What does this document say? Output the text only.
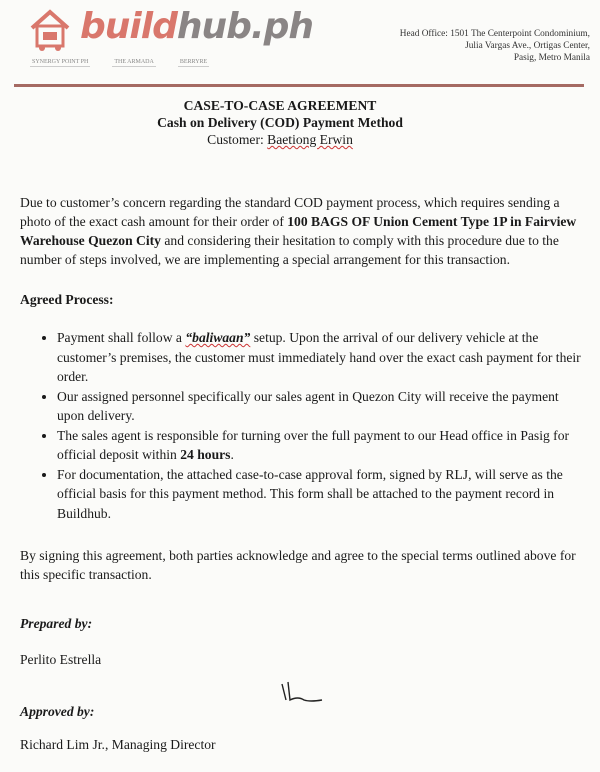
buildhub.ph
SYNERGY POINT PH	THE ARMADA	BERRYRE
Head Office: 1501 The Centerpoint Condominium,
Julia Vargas Ave., Ortigas Center,
Pasig, Metro Manila
CASE-TO-CASE AGREEMENT
Cash on Delivery (COD) Payment Method
Customer: Baetiong Erwin
Due to customer’s concern regarding the standard COD payment process, which requires sending a photo of the exact cash amount for their order of 100 BAGS OF Union Cement Type 1P in Fairview Warehouse Quezon City and considering their hesitation to comply with this procedure due to the number of steps involved, we are implementing a special arrangement for this transaction.
Agreed Process:
• Payment shall follow a “baliwaan” setup. Upon the arrival of our delivery vehicle at the customer’s premises, the customer must immediately hand over the exact cash payment for their order.
• Our assigned personnel specifically our sales agent in Quezon City will receive the payment upon delivery.
• The sales agent is responsible for turning over the full payment to our Head office in Pasig for official deposit within 24 hours.
• For documentation, the attached case-to-case approval form, signed by RLJ, will serve as the official basis for this payment method. This form shall be attached to the payment record in Buildhub.
By signing this agreement, both parties acknowledge and agree to the special terms outlined above for this specific transaction.
Prepared by:
Perlito Estrella
Approved by:
Richard Lim Jr., Managing Director
